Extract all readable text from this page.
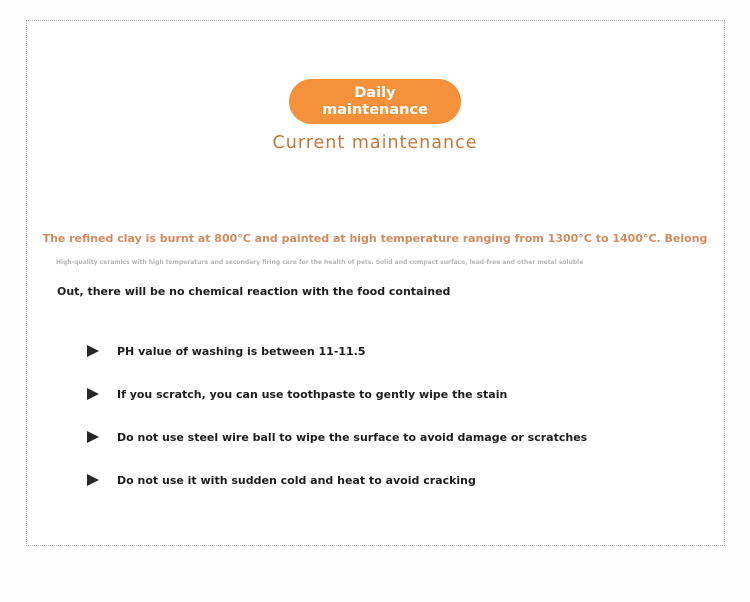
Daily
maintenance
Current maintenance
The refined clay is burnt at 800°C and painted at high temperature ranging from 1300°C to 1400°C. Belong
High-quality ceramics with high temperature and secondary firing care for the health of pets. Solid and compact surface, lead-free and other metal soluble
Out, there will be no chemical reaction with the food contained
PH value of washing is between 11-11.5
If you scratch, you can use toothpaste to gently wipe the stain
Do not use steel wire ball to wipe the surface to avoid damage or scratches
Do not use it with sudden cold and heat to avoid cracking
